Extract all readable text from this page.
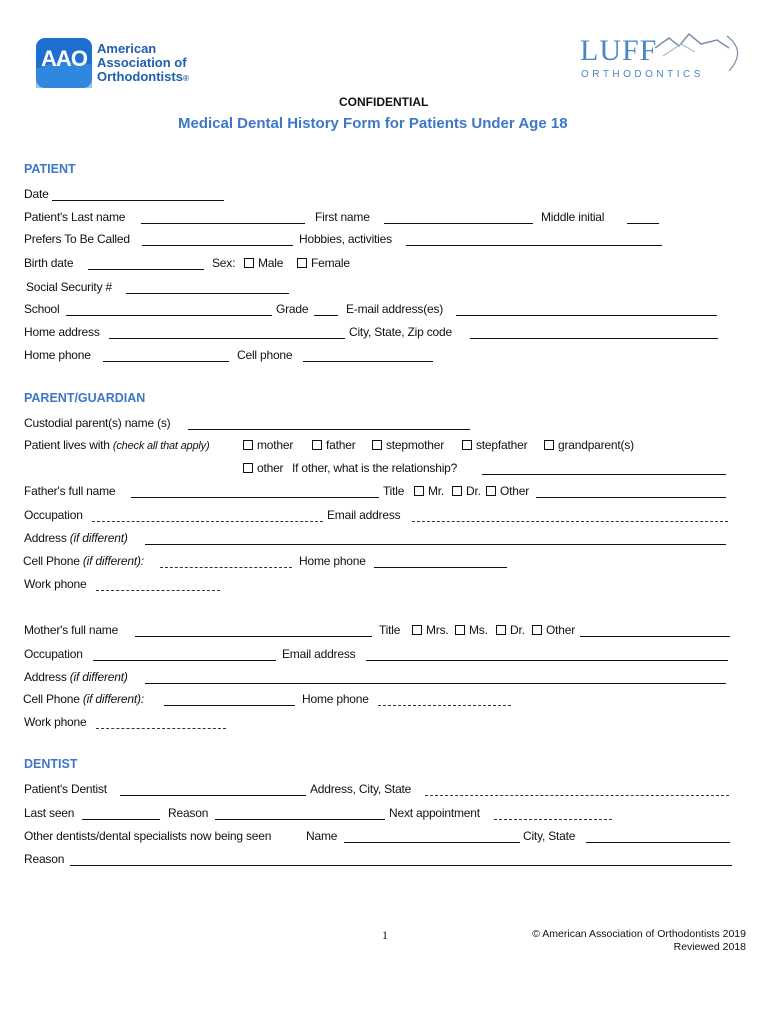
AAO American
Association of
Orthodontists®
LUFF
ORTHODONTICS
CONFIDENTIAL
Medical Dental History Form for Patients Under Age 18
PATIENT
Date
Patient's Last name	First name	Middle initial
Prefers To Be Called	Hobbies, activities
Birth date	Sex:	Male	Female
Social Security #
School	Grade	E-mail address(es)
Home address	City, State, Zip code
Home phone	Cell phone
PARENT/GUARDIAN
Custodial parent(s) name (s)
Patient lives with (check all that apply)	mother	father	stepmother	stepfather	grandparent(s)
other If other, what is the relationship?
Father's full name	Title	Mr.	Dr.	Other
Occupation	Email address
Address (if different)
Cell Phone (if different):	Home phone
Work phone
Mother's full name	Title	Mrs.	Ms.	Dr.	Other
Occupation	Email address
Address (if different)
Cell Phone (if different):	Home phone
Work phone
DENTIST
Patient's Dentist	Address, City, State
Last seen	Reason	Next appointment
Other dentists/dental specialists now being seen	Name	City, State
Reason
1	© American Association of Orthodontists 2019
Reviewed 2018
